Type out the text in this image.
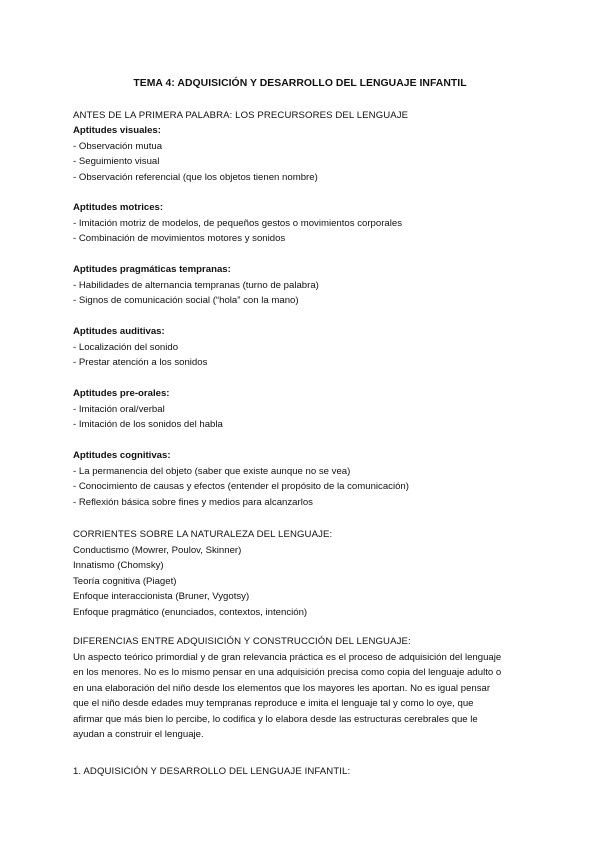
TEMA 4: ADQUISICIÓN Y DESARROLLO DEL LENGUAJE INFANTIL
ANTES DE LA PRIMERA PALABRA: LOS PRECURSORES DEL LENGUAJE
Aptitudes visuales:
- Observación mutua
- Seguimiento visual
- Observación referencial (que los objetos tienen nombre)
Aptitudes motrices:
- Imitación motriz de modelos, de pequeños gestos o movimientos corporales
- Combinación de movimientos motores y sonidos
Aptitudes pragmáticas tempranas:
- Habilidades de alternancia tempranas (turno de palabra)
- Signos de comunicación social (“hola” con la mano)
Aptitudes auditivas:
- Localización del sonido
- Prestar atención a los sonidos
Aptitudes pre-orales:
- Imitación oral/verbal
- Imitación de los sonidos del habla
Aptitudes cognitivas:
- La permanencia del objeto (saber que existe aunque no se vea)
- Conocimiento de causas y efectos (entender el propósito de la comunicación)
- Reflexión básica sobre fines y medios para alcanzarlos
CORRIENTES SOBRE LA NATURALEZA DEL LENGUAJE:
Conductismo (Mowrer, Poulov, Skinner)
Innatismo (Chomsky)
Teoría cognitiva (Piaget)
Enfoque interaccionista (Bruner, Vygotsy)
Enfoque pragmático (enunciados, contextos, intención)
DIFERENCIAS ENTRE ADQUISICIÓN Y CONSTRUCCIÓN DEL LENGUAJE:
Un aspecto teórico primordial y de gran relevancia práctica es el proceso de adquisición del lenguaje
en los menores. No es lo mismo pensar en una adquisición precisa como copia del lenguaje adulto o
en una elaboración del niño desde los elementos que los mayores les aportan. No es igual pensar
que el niño desde edades muy tempranas reproduce e imita el lenguaje tal y como lo oye, que
afirmar que más bien lo percibe, lo codifica y lo elabora desde las estructuras cerebrales que le
ayudan a construir el lenguaje.
1. ADQUISICIÓN Y DESARROLLO DEL LENGUAJE INFANTIL:
